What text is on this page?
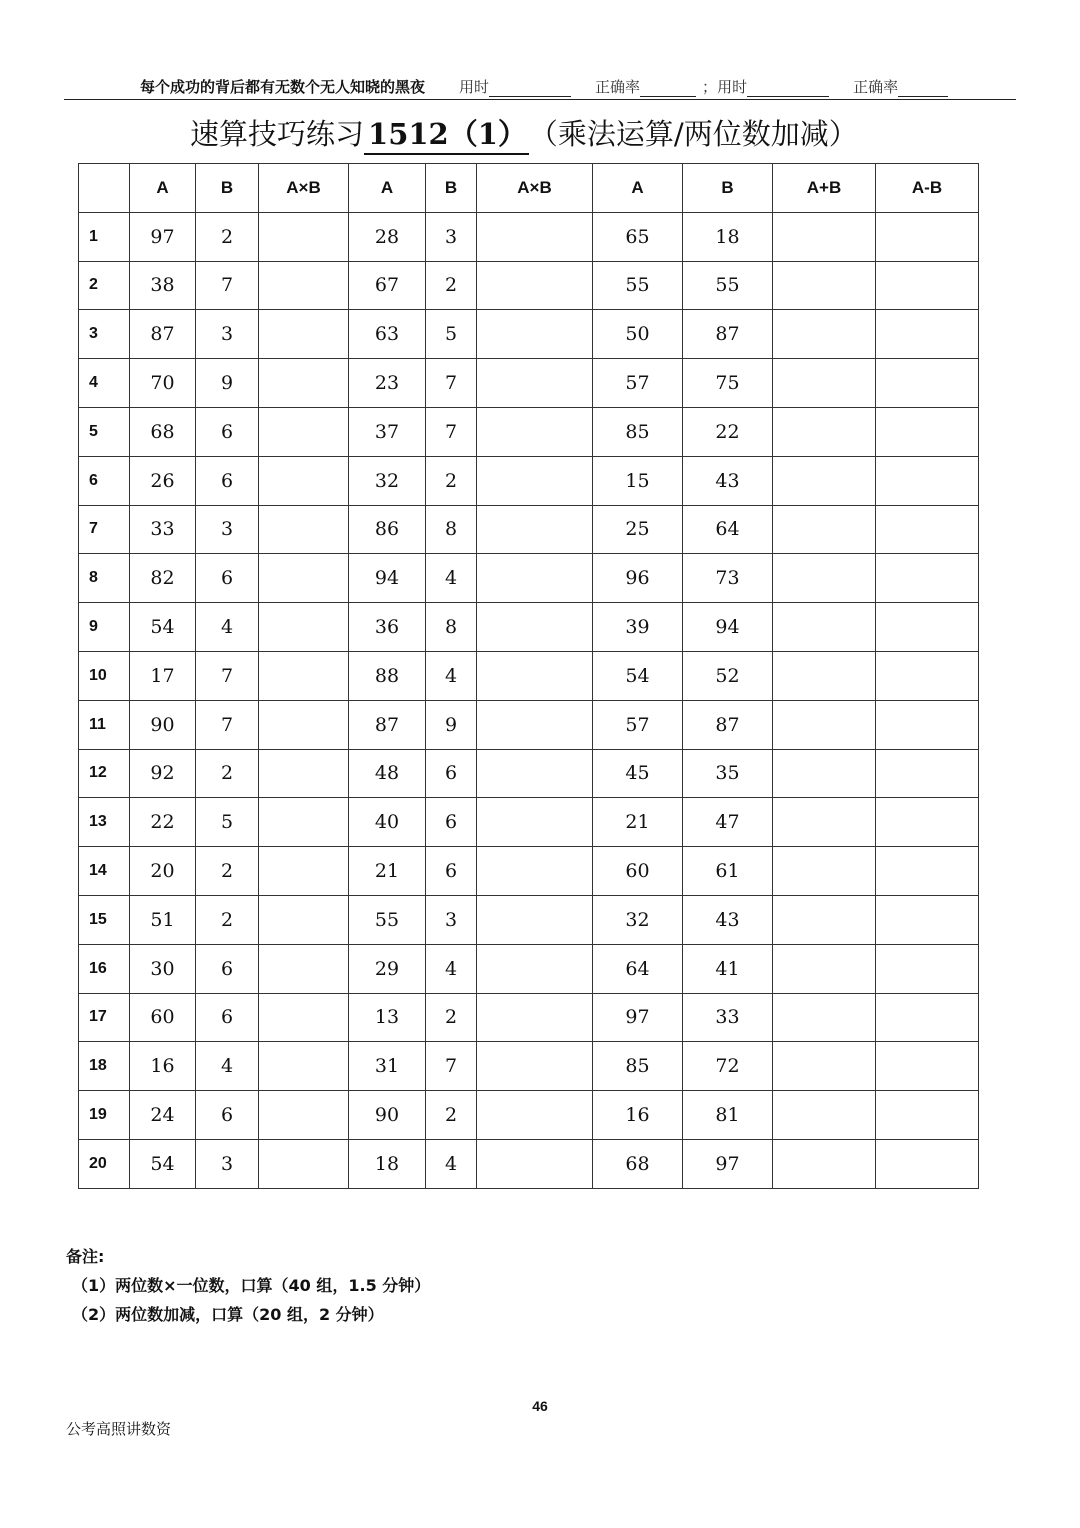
每个成功的背后都有无数个无人知晓的黑夜 用时	正确率	； 用时	正确率
速算技巧练习 1512（1）（乘法运算/两位数加减）
	A	B	A×B	A	B	A×B	A	B	A+B	A-B
1	97	2		28	3		65	18		
2	38	7		67	2		55	55		
3	87	3		63	5		50	87		
4	70	9		23	7		57	75		
5	68	6		37	7		85	22		
6	26	6		32	2		15	43		
7	33	3		86	8		25	64		
8	82	6		94	4		96	73		
9	54	4		36	8		39	94		
10	17	7		88	4		54	52		
11	90	7		87	9		57	87		
12	92	2		48	6		45	35		
13	22	5		40	6		21	47		
14	20	2		21	6		60	61		
15	51	2		55	3		32	43		
16	30	6		29	4		64	41		
17	60	6		13	2		97	33		
18	16	4		31	7		85	72		
19	24	6		90	2		16	81		
20	54	3		18	4		68	97		
备注:
（1）两位数×一位数，口算（40 组，1.5 分钟）
（2）两位数加减，口算（20 组，2 分钟）
46
公考高照讲数资
